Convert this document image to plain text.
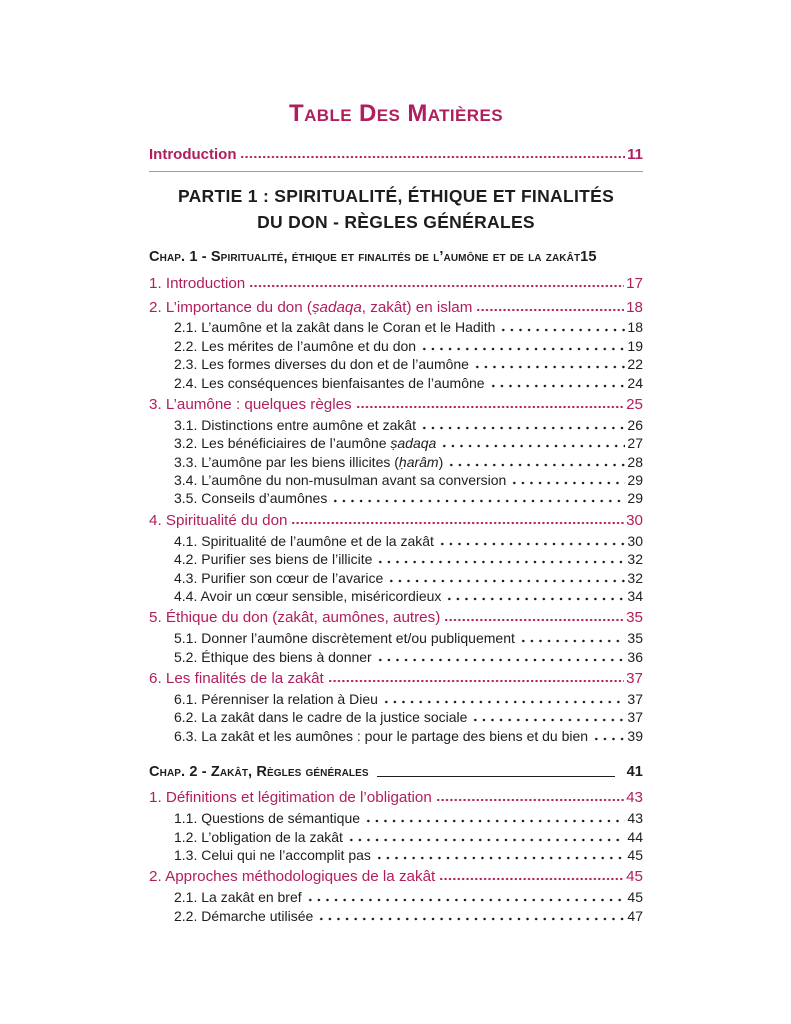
Table Des Matières
Introduction	11
PARTIE 1 : SPIRITUALITÉ, ÉTHIQUE ET FINALITÉS
DU DON - RÈGLES GÉNÉRALES
Chap. 1 - Spiritualité, éthique et finalités de l’aumône et de la zakât 15
1. Introduction	17
2. L’importance du don (ṣadaqa, zakât) en islam	18
2.1. L’aumône et la zakât dans le Coran et le Hadith	18
2.2. Les mérites de l’aumône et du don	19
2.3. Les formes diverses du don et de l’aumône	22
2.4. Les conséquences bienfaisantes de l’aumône	24
3. L’aumône : quelques règles	25
3.1. Distinctions entre aumône et zakât	26
3.2. Les bénéficiaires de l’aumône ṣadaqa	27
3.3. L’aumône par les biens illicites (ḥarâm)	28
3.4. L’aumône du non-musulman avant sa conversion	29
3.5. Conseils d’aumônes	29
4. Spiritualité du don	30
4.1. Spiritualité de l’aumône et de la zakât	30
4.2. Purifier ses biens de l’illicite	32
4.3. Purifier son cœur de l’avarice	32
4.4. Avoir un cœur sensible, miséricordieux	34
5. Éthique du don (zakât, aumônes, autres)	35
5.1. Donner l’aumône discrètement et/ou publiquement	35
5.2. Éthique des biens à donner	36
6. Les finalités de la zakât	37
6.1. Pérenniser la relation à Dieu	37
6.2. La zakât dans le cadre de la justice sociale	37
6.3. La zakât et les aumônes : pour le partage des biens et du bien	39
Chap. 2 - Zakât, Règles générales	41
1. Définitions et légitimation de l’obligation	43
1.1. Questions de sémantique	43
1.2. L’obligation de la zakât	44
1.3. Celui qui ne l’accomplit pas	45
2. Approches méthodologiques de la zakât	45
2.1. La zakât en bref	45
2.2. Démarche utilisée	47
